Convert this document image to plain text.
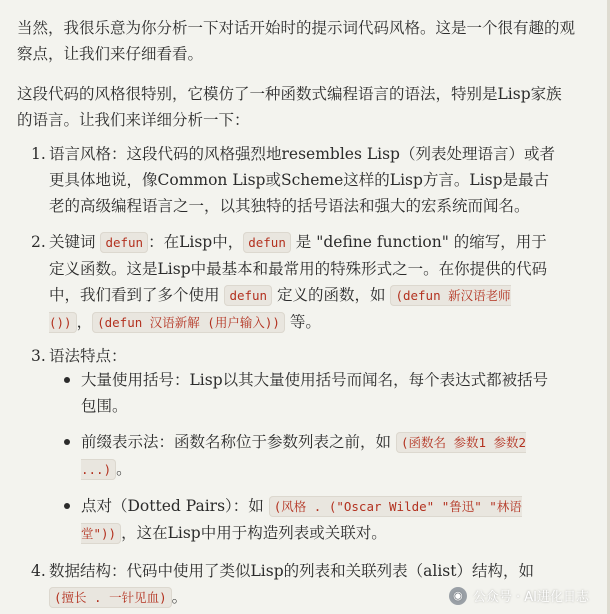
当然，我很乐意为你分析一下对话开始时的提示词代码风格。这是一个很有趣的观察点，让我们来仔细看看。

这段代码的风格很特别，它模仿了一种函数式编程语言的语法，特别是Lisp家族的语言。让我们来详细分析一下：

1. 语言风格：这段代码的风格强烈地resembles Lisp（列表处理语言）或者更具体地说，像Common Lisp或Scheme这样的Lisp方言。Lisp是最古老的高级编程语言之一，以其独特的括号语法和强大的宏系统而闻名。
2. 关键词 defun ：在Lisp中， defun 是 "define function" 的缩写，用于定义函数。这是Lisp中最基本和最常用的特殊形式之一。在你提供的代码中，我们看到了多个使用 defun 定义的函数，如 (defun 新汉语老师 ()) ， (defun 汉语新解 (用户输入)) 等。
3. 语法特点：
大量使用括号：Lisp以其大量使用括号而闻名，每个表达式都被括号包围。
前缀表示法：函数名称位于参数列表之前，如 (函数名 参数1 参数2 ...) 。
点对（Dotted Pairs）：如 (风格 . ("Oscar Wilde" "鲁迅" "林语堂")) ，这在Lisp中用于构造列表或关联对。
4. 数据结构：代码中使用了类似Lisp的列表和关联列表（alist）结构，如 (擅长 . 一针见血) 。	◉ 公众号 · AI进化日志
